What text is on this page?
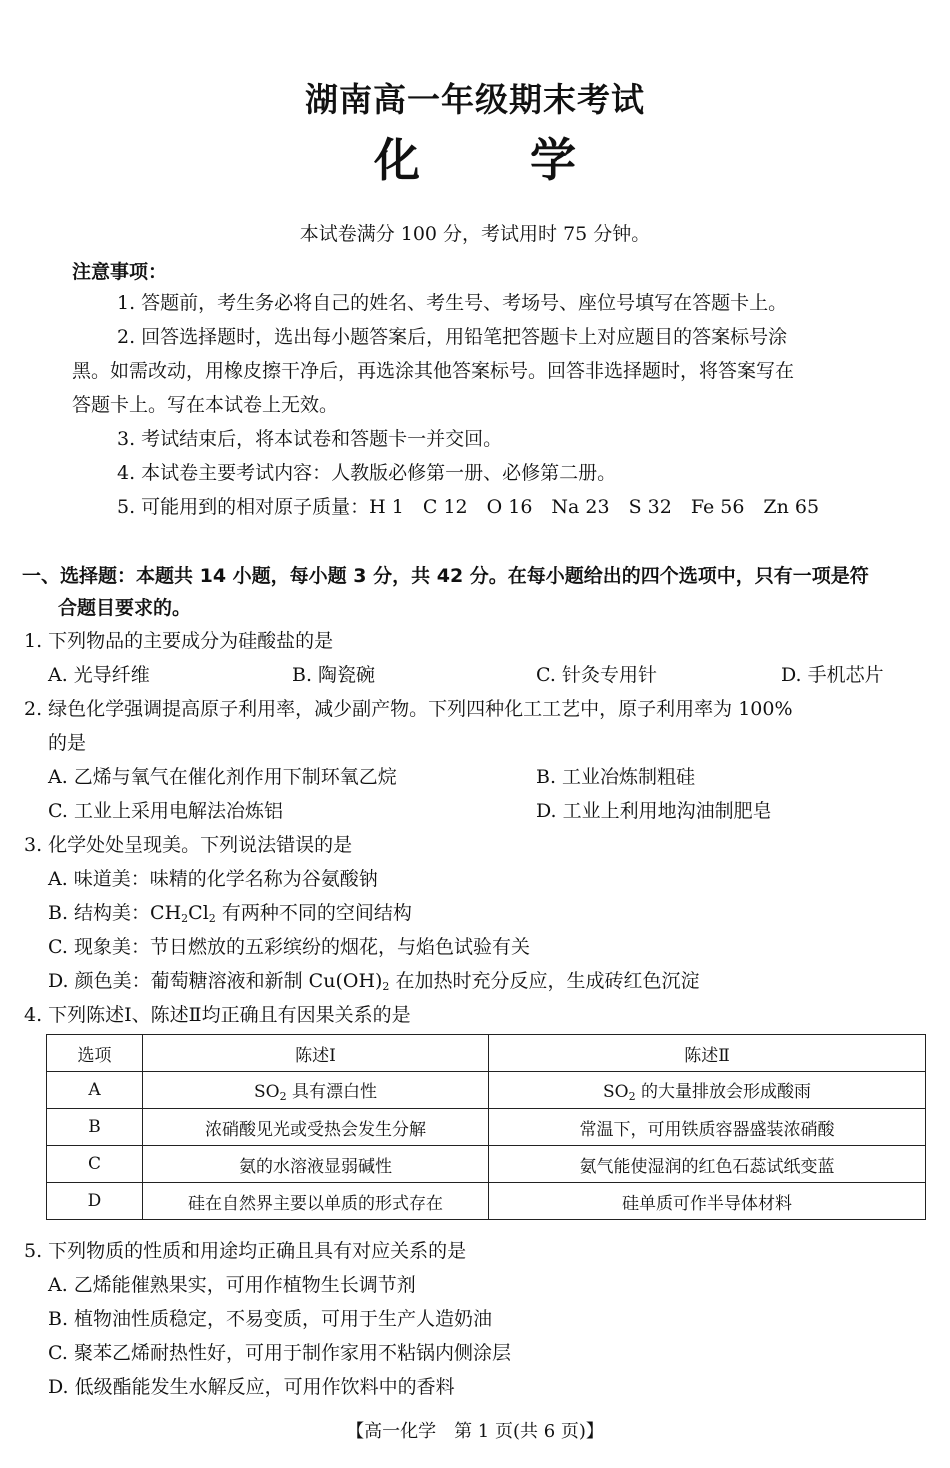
湖南高一年级期末考试
化 学
本试卷满分 100 分，考试用时 75 分钟。
注意事项：
1. 答题前，考生务必将自己的姓名、考生号、考场号、座位号填写在答题卡上。
2. 回答选择题时，选出每小题答案后，用铅笔把答题卡上对应题目的答案标号涂
黑。如需改动，用橡皮擦干净后，再选涂其他答案标号。回答非选择题时，将答案写在
答题卡上。写在本试卷上无效。
3. 考试结束后，将本试卷和答题卡一并交回。
4. 本试卷主要考试内容：人教版必修第一册、必修第二册。
5. 可能用到的相对原子质量：H 1　C 12　O 16　Na 23　S 32　Fe 56　Zn 65
一、选择题：本题共 14 小题，每小题 3 分，共 42 分。在每小题给出的四个选项中，只有一项是符
合题目要求的。
1. 下列物品的主要成分为硅酸盐的是
A. 光导纤维	B. 陶瓷碗	C. 针灸专用针	D. 手机芯片
2. 绿色化学强调提高原子利用率，减少副产物。下列四种化工工艺中，原子利用率为 100%
的是
A. 乙烯与氧气在催化剂作用下制环氧乙烷	B. 工业冶炼制粗硅
C. 工业上采用电解法冶炼铝	D. 工业上利用地沟油制肥皂
3. 化学处处呈现美。下列说法错误的是
A. 味道美：味精的化学名称为谷氨酸钠
B. 结构美：$CH_2Cl_2$ 有两种不同的空间结构
C. 现象美：节日燃放的五彩缤纷的烟花，与焰色试验有关
D. 颜色美：葡萄糖溶液和新制 $Cu(OH)_2$ 在加热时充分反应，生成砖红色沉淀
4. 下列陈述Ⅰ、陈述Ⅱ均正确且有因果关系的是
选项	陈述Ⅰ	陈述Ⅱ
A	$SO_2$ 具有漂白性	$SO_2$ 的大量排放会形成酸雨
B	浓硝酸见光或受热会发生分解	常温下，可用铁质容器盛装浓硝酸
C	氨的水溶液显弱碱性	氨气能使湿润的红色石蕊试纸变蓝
D	硅在自然界主要以单质的形式存在	硅单质可作半导体材料
5. 下列物质的性质和用途均正确且具有对应关系的是
A. 乙烯能催熟果实，可用作植物生长调节剂
B. 植物油性质稳定，不易变质，可用于生产人造奶油
C. 聚苯乙烯耐热性好，可用于制作家用不粘锅内侧涂层
D. 低级酯能发生水解反应，可用作饮料中的香料
【高一化学　第 1 页(共 6 页)】
